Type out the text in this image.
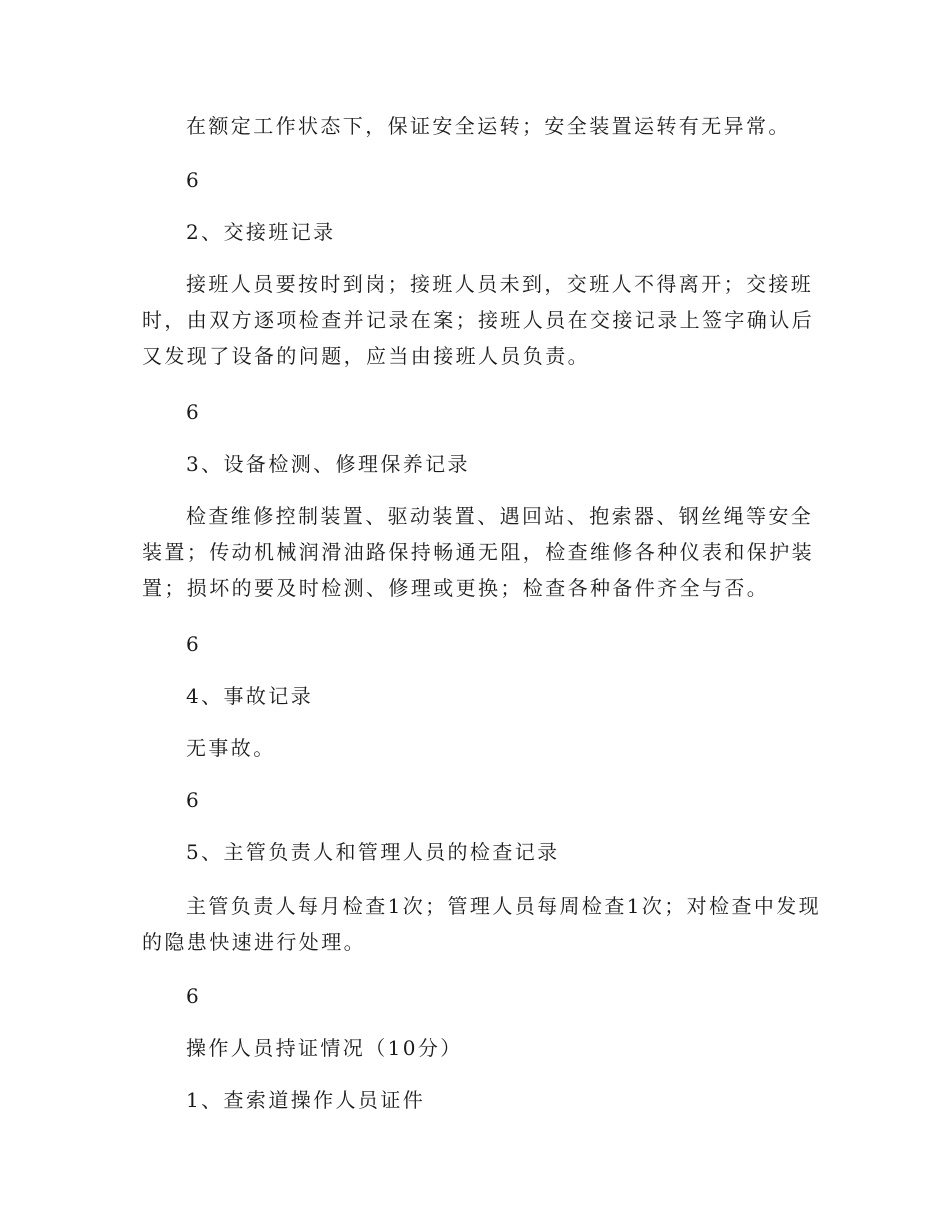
在额定工作状态下，保证安全运转；安全装置运转有无异常。

6

2、交接班记录

接班人员要按时到岗；接班人员未到，交班人不得离开；交接班时，由双方逐项检查并记录在案；接班人员在交接记录上签字确认后又发现了设备的问题，应当由接班人员负责。

6

3、设备检测、修理保养记录

检查维修控制装置、驱动装置、遇回站、抱索器、钢丝绳等安全装置；传动机械润滑油路保持畅通无阻，检查维修各种仪表和保护装置；损坏的要及时检测、修理或更换；检查各种备件齐全与否。

6

4、事故记录

无事故。

6

5、主管负责人和管理人员的检查记录

主管负责人每月检查1次；管理人员每周检查1次；对检查中发现的隐患快速进行处理。

6

操作人员持证情况（10分）

1、查索道操作人员证件
